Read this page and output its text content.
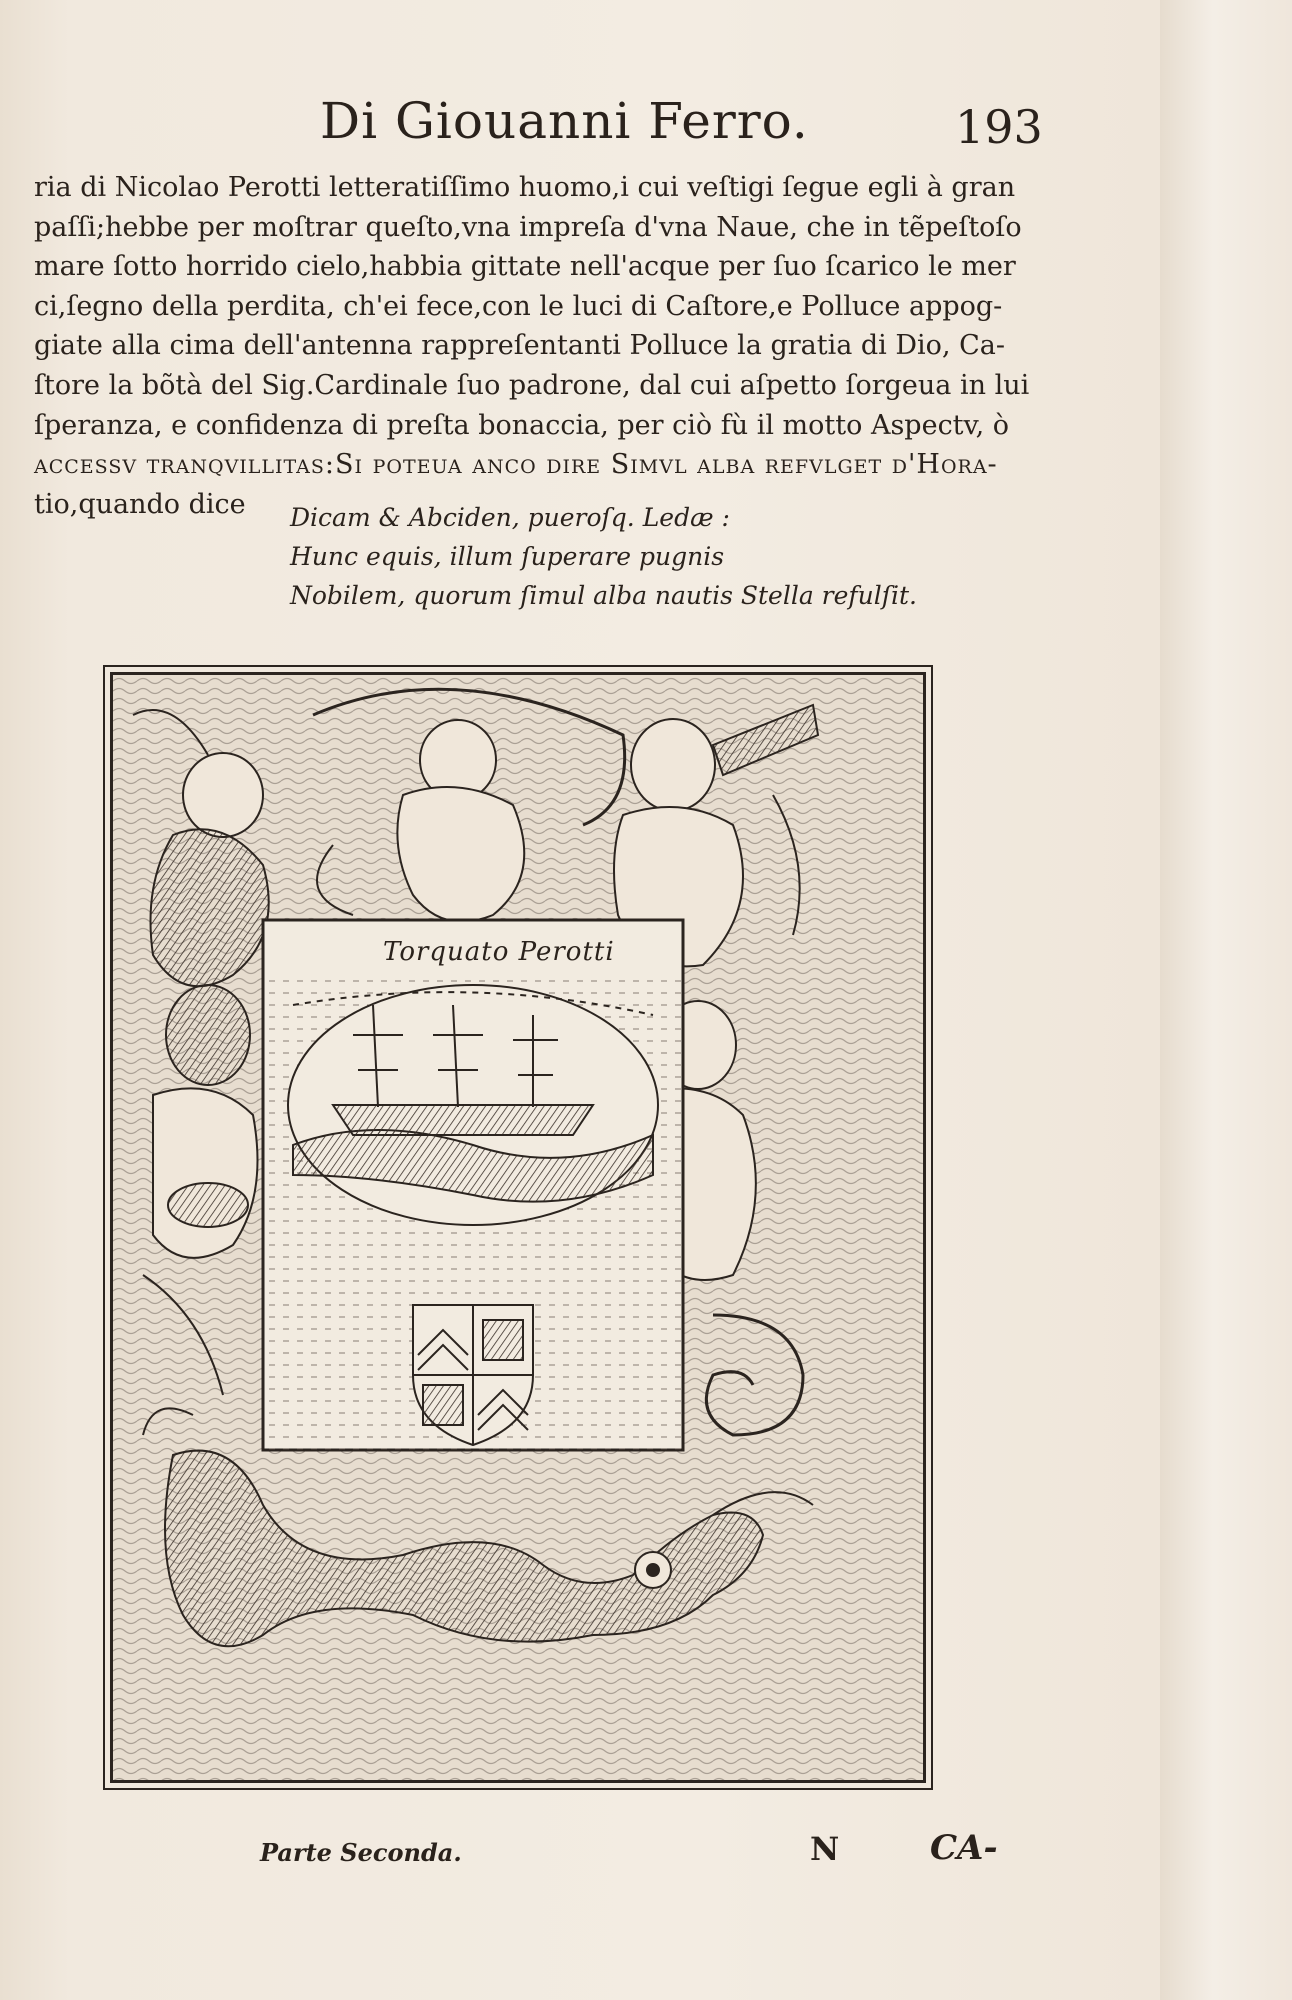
Di Giouanni Ferro.	193

ria di Nicolao Perotti letteratiſſimo huomo,i cui veſtigi ſegue egli à gran

paſſi;hebbe per moſtrar queſto,vna impreſa d'vna Naue, che in tẽpeſtoſo

mare ſotto horrido cielo,habbia gittate nell'acque per ſuo ſcarico le mer

ci,ſegno della perdita, ch'ei fece,con le luci di Caſtore,e Polluce appog-

giate alla cima dell'antenna rappreſentanti Polluce la gratia di Dio, Ca-

ſtore la bõtà del Sig.Cardinale ſuo padrone, dal cui aſpetto ſorgeua in lui

ſperanza, e confidenza di preſta bonaccia, per ciò fù il motto Aspectv, ò

accessv tranqvillitas:Si poteua anco dire Simvl alba refvlget d'Hora-

tio,quando dice	Dicam & Abciden, pueroſq. Ledæ :
Hunc equis, illum ſuperare pugnis
Nobilem, quorum ſimul alba nautis Stella refulſit.
Torquato Perotti
Parte Seconda.	N	CA-
